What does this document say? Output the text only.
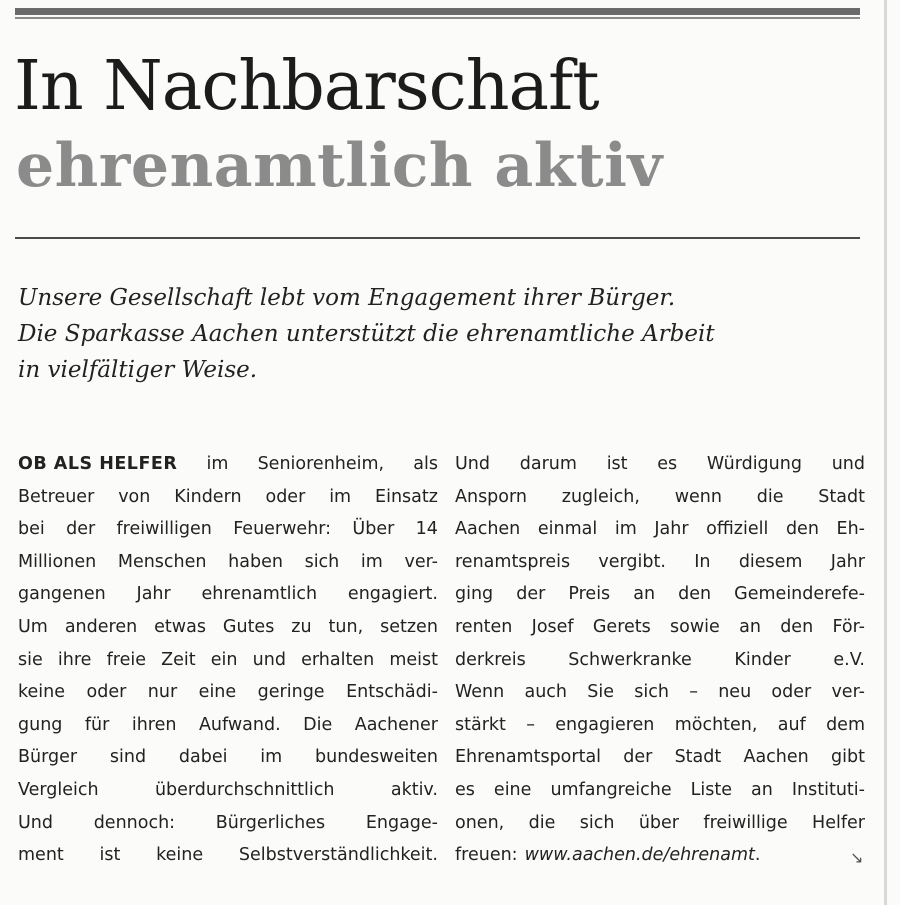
In Nachbarschaft
ehrenamtlich aktiv

Unsere Gesellschaft lebt vom Engagement ihrer Bürger.
Die Sparkasse Aachen unterstützt die ehrenamtliche Arbeit
in vielfältiger Weise.

OB ALS HELFER im Seniorenheim, als
Betreuer von Kindern oder im Einsatz
bei der freiwilligen Feuerwehr: Über 14
Millionen Menschen haben sich im ver-
gangenen Jahr ehrenamtlich engagiert.
Um anderen etwas Gutes zu tun, setzen
sie ihre freie Zeit ein und erhalten meist
keine oder nur eine geringe Entschädi-
gung für ihren Aufwand. Die Aachener
Bürger sind dabei im bundesweiten
Vergleich	überdurchschnittlich	aktiv.
Und dennoch: Bürgerliches Engage-
ment ist keine Selbstverständlichkeit.
Und darum ist es Würdigung und
Ansporn zugleich, wenn die Stadt
Aachen einmal im Jahr offiziell den Eh-
renamtspreis vergibt. In diesem Jahr
ging der Preis an den Gemeinderefe-
renten Josef Gerets sowie an den För-
derkreis Schwerkranke Kinder e.V.
Wenn auch Sie sich – neu oder ver-
stärkt – engagieren möchten, auf dem
Ehrenamtsportal der Stadt Aachen gibt
es eine umfangreiche Liste an Instituti-
onen, die sich über freiwillige Helfer
freuen: www.aachen.de/ehrenamt .	↘
